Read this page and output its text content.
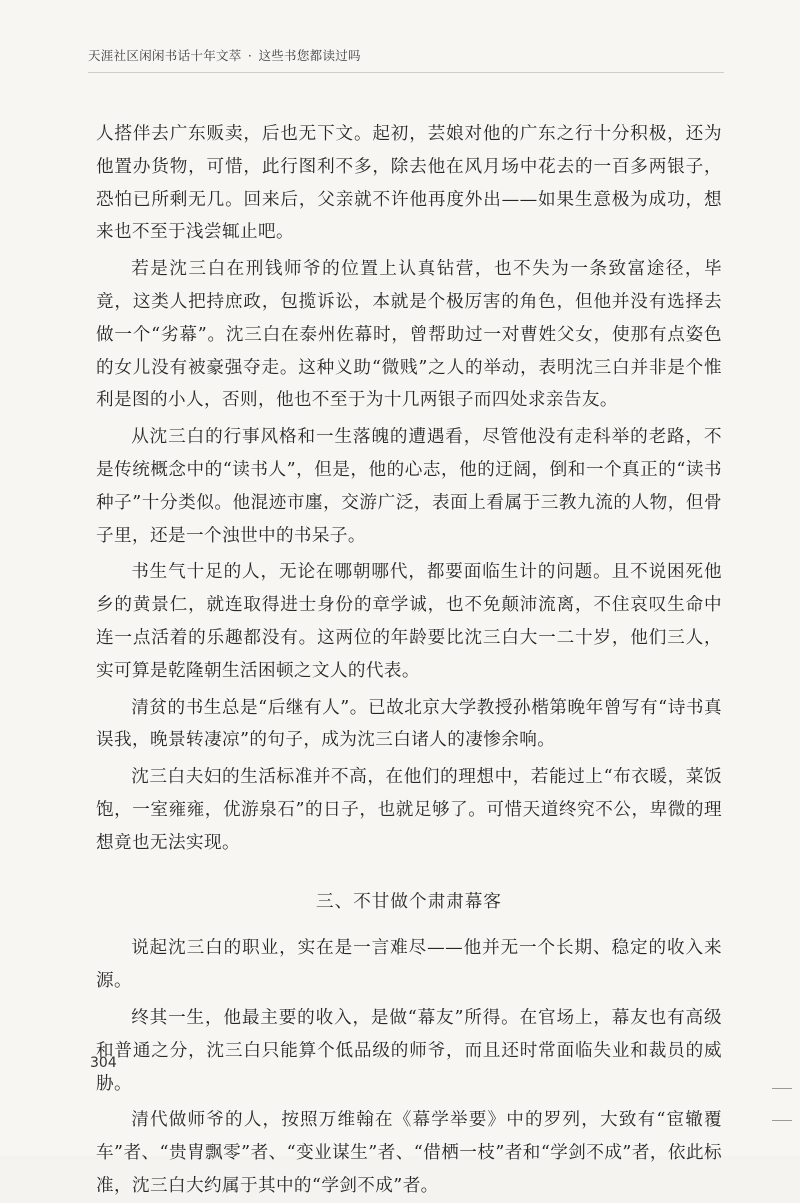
天涯社区闲闲书话十年文萃 · 这些书您都读过吗

人搭伴去广东贩卖，后也无下文。起初，芸娘对他的广东之行十分积极，还为他置办货物，可惜，此行图利不多，除去他在风月场中花去的一百多两银子，恐怕已所剩无几。回来后，父亲就不许他再度外出——如果生意极为成功，想来也不至于浅尝辄止吧。

若是沈三白在刑钱师爷的位置上认真钻营，也不失为一条致富途径，毕竟，这类人把持庶政，包揽诉讼，本就是个极厉害的角色，但他并没有选择去做一个“劣幕”。沈三白在泰州佐幕时，曾帮助过一对曹姓父女，使那有点姿色的女儿没有被豪强夺走。这种义助“微贱”之人的举动，表明沈三白并非是个惟利是图的小人，否则，他也不至于为十几两银子而四处求亲告友。

从沈三白的行事风格和一生落魄的遭遇看，尽管他没有走科举的老路，不是传统概念中的“读书人”，但是，他的心志，他的迂阔，倒和一个真正的“读书种子”十分类似。他混迹市廛，交游广泛，表面上看属于三教九流的人物，但骨子里，还是一个浊世中的书呆子。

书生气十足的人，无论在哪朝哪代，都要面临生计的问题。且不说困死他乡的黄景仁，就连取得进士身份的章学诚，也不免颠沛流离，不住哀叹生命中连一点活着的乐趣都没有。这两位的年龄要比沈三白大一二十岁，他们三人，实可算是乾隆朝生活困顿之文人的代表。

清贫的书生总是“后继有人”。已故北京大学教授孙楷第晚年曾写有“诗书真误我，晚景转凄凉”的句子，成为沈三白诸人的凄惨余响。

沈三白夫妇的生活标准并不高，在他们的理想中，若能过上“布衣暖，菜饭饱，一室雍雍，优游泉石”的日子，也就足够了。可惜天道终究不公，卑微的理想竟也无法实现。

三、不甘做个肃肃幕客

说起沈三白的职业，实在是一言难尽——他并无一个长期、稳定的收入来源。

终其一生，他最主要的收入，是做“幕友”所得。在官场上，幕友也有高级和普通之分，沈三白只能算个低品级的师爷，而且还时常面临失业和裁员的威胁。

清代做师爷的人，按照万维翰在《幕学举要》中的罗列，大致有“宦辙覆车”者、“贵胄飘零”者、“变业谋生”者、“借栖一枝”者和“学剑不成”者，依此标准，沈三白大约属于其中的“学剑不成”者。

304
